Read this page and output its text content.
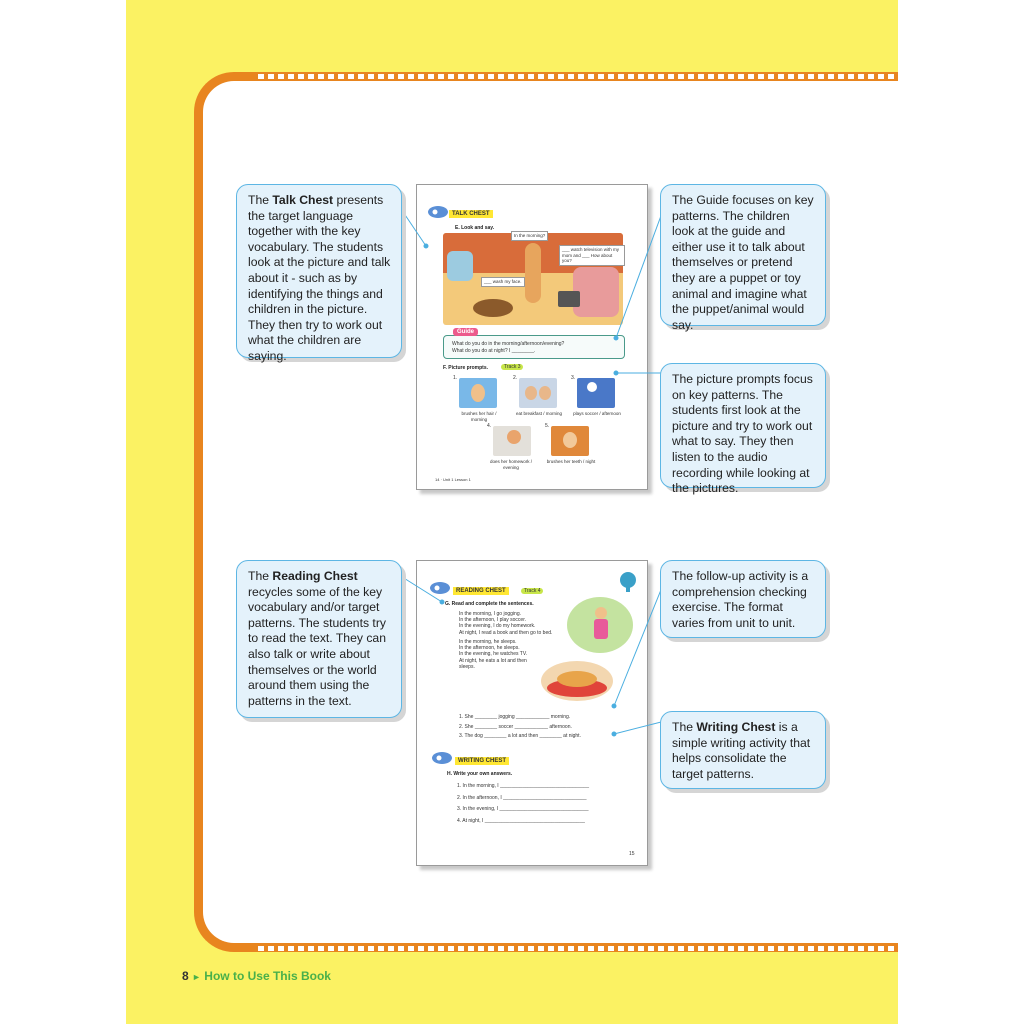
TALK CHEST
E. Look and say.
In the morning?
___ watch television with my mom and ___ How about you?
___ wash my face.
What do you do in the morning/afternoon/evening?
What do you do at night? I ________.
Guide
F. Picture prompts.	Track 3
1.
brushes her hair / morning
2.
eat breakfast / morning
3.
plays soccer / afternoon
4.
does her homework / evening
5.
brushes her teeth / night
14 · Unit 1 Lesson 1
READING CHEST	Track 4
G. Read and complete the sentences.
In the morning, I go jogging.
In the afternoon, I play soccer.
In the evening, I do my homework.
At night, I read a book and then go to bed.
In the morning, he sleeps.
In the afternoon, he sleeps.
In the evening, he watches TV.
At night, he eats a lot and then
sleeps.
1. She ________ jogging ____________ morning.
2. She ________ soccer ____________ afternoon.
3. The dog ________ a lot and then ________ at night.
WRITING CHEST
H. Write your own answers.
1. In the morning, I ________________________________
2. In the afternoon, I ______________________________
3. In the evening, I ________________________________
4. At night, I ____________________________________
15
The Talk Chest presents the target language together with the key vocabulary. The students look at the picture and talk about it - such as by identifying the things and children in the picture. They then try to work out what the children are saying.
The Guide focuses on key patterns. The children look at the guide and either use it to talk about themselves or pretend they are a puppet or toy animal and imagine what the puppet/animal would say.
The picture prompts focus on key patterns. The students first look at the picture and try to work out what to say. They then listen to the audio recording while looking at the pictures.
The Reading Chest recycles some of the key vocabulary and/or target patterns. The students try to read the text. They can also talk or write about themselves or the world around them using the patterns in the text.
The follow-up activity is a comprehension checking exercise. The format varies from unit to unit.
The Writing Chest is a simple writing activity that helps consolidate the target patterns.
8 ► How to Use This Book
